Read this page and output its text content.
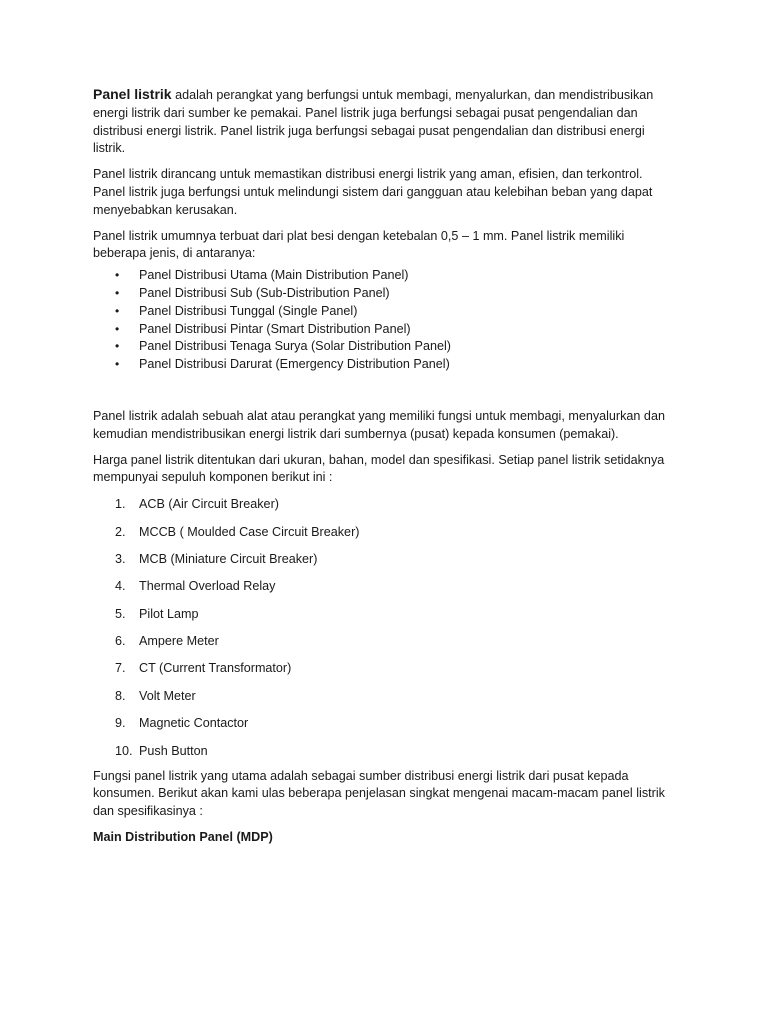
Panel listrik adalah perangkat yang berfungsi untuk membagi, menyalurkan, dan mendistribusikan energi listrik dari sumber ke pemakai. Panel listrik juga berfungsi sebagai pusat pengendalian dan distribusi energi listrik. Panel listrik juga berfungsi sebagai pusat pengendalian dan distribusi energi listrik.

Panel listrik dirancang untuk memastikan distribusi energi listrik yang aman, efisien, dan terkontrol. Panel listrik juga berfungsi untuk melindungi sistem dari gangguan atau kelebihan beban yang dapat menyebabkan kerusakan.

Panel listrik umumnya terbuat dari plat besi dengan ketebalan 0,5 – 1 mm. Panel listrik memiliki beberapa jenis, di antaranya:

• Panel Distribusi Utama (Main Distribution Panel)
• Panel Distribusi Sub (Sub-Distribution Panel)
• Panel Distribusi Tunggal (Single Panel)
• Panel Distribusi Pintar (Smart Distribution Panel)
• Panel Distribusi Tenaga Surya (Solar Distribution Panel)
• Panel Distribusi Darurat (Emergency Distribution Panel)

Panel listrik adalah sebuah alat atau perangkat yang memiliki fungsi untuk membagi, menyalurkan dan kemudian mendistribusikan energi listrik dari sumbernya (pusat) kepada konsumen (pemakai).

Harga panel listrik ditentukan dari ukuran, bahan, model dan spesifikasi. Setiap panel listrik setidaknya mempunyai sepuluh komponen berikut ini :

1.	ACB (Air Circuit Breaker)
2.	MCCB ( Moulded Case Circuit Breaker)
3.	MCB (Miniature Circuit Breaker)
4.	Thermal Overload Relay
5.	Pilot Lamp
6.	Ampere Meter
7.	CT (Current Transformator)
8.	Volt Meter
9.	Magnetic Contactor
10. Push Button

Fungsi panel listrik yang utama adalah sebagai sumber distribusi energi listrik dari pusat kepada konsumen. Berikut akan kami ulas beberapa penjelasan singkat mengenai macam-macam panel listrik dan spesifikasinya :

Main Distribution Panel (MDP)
